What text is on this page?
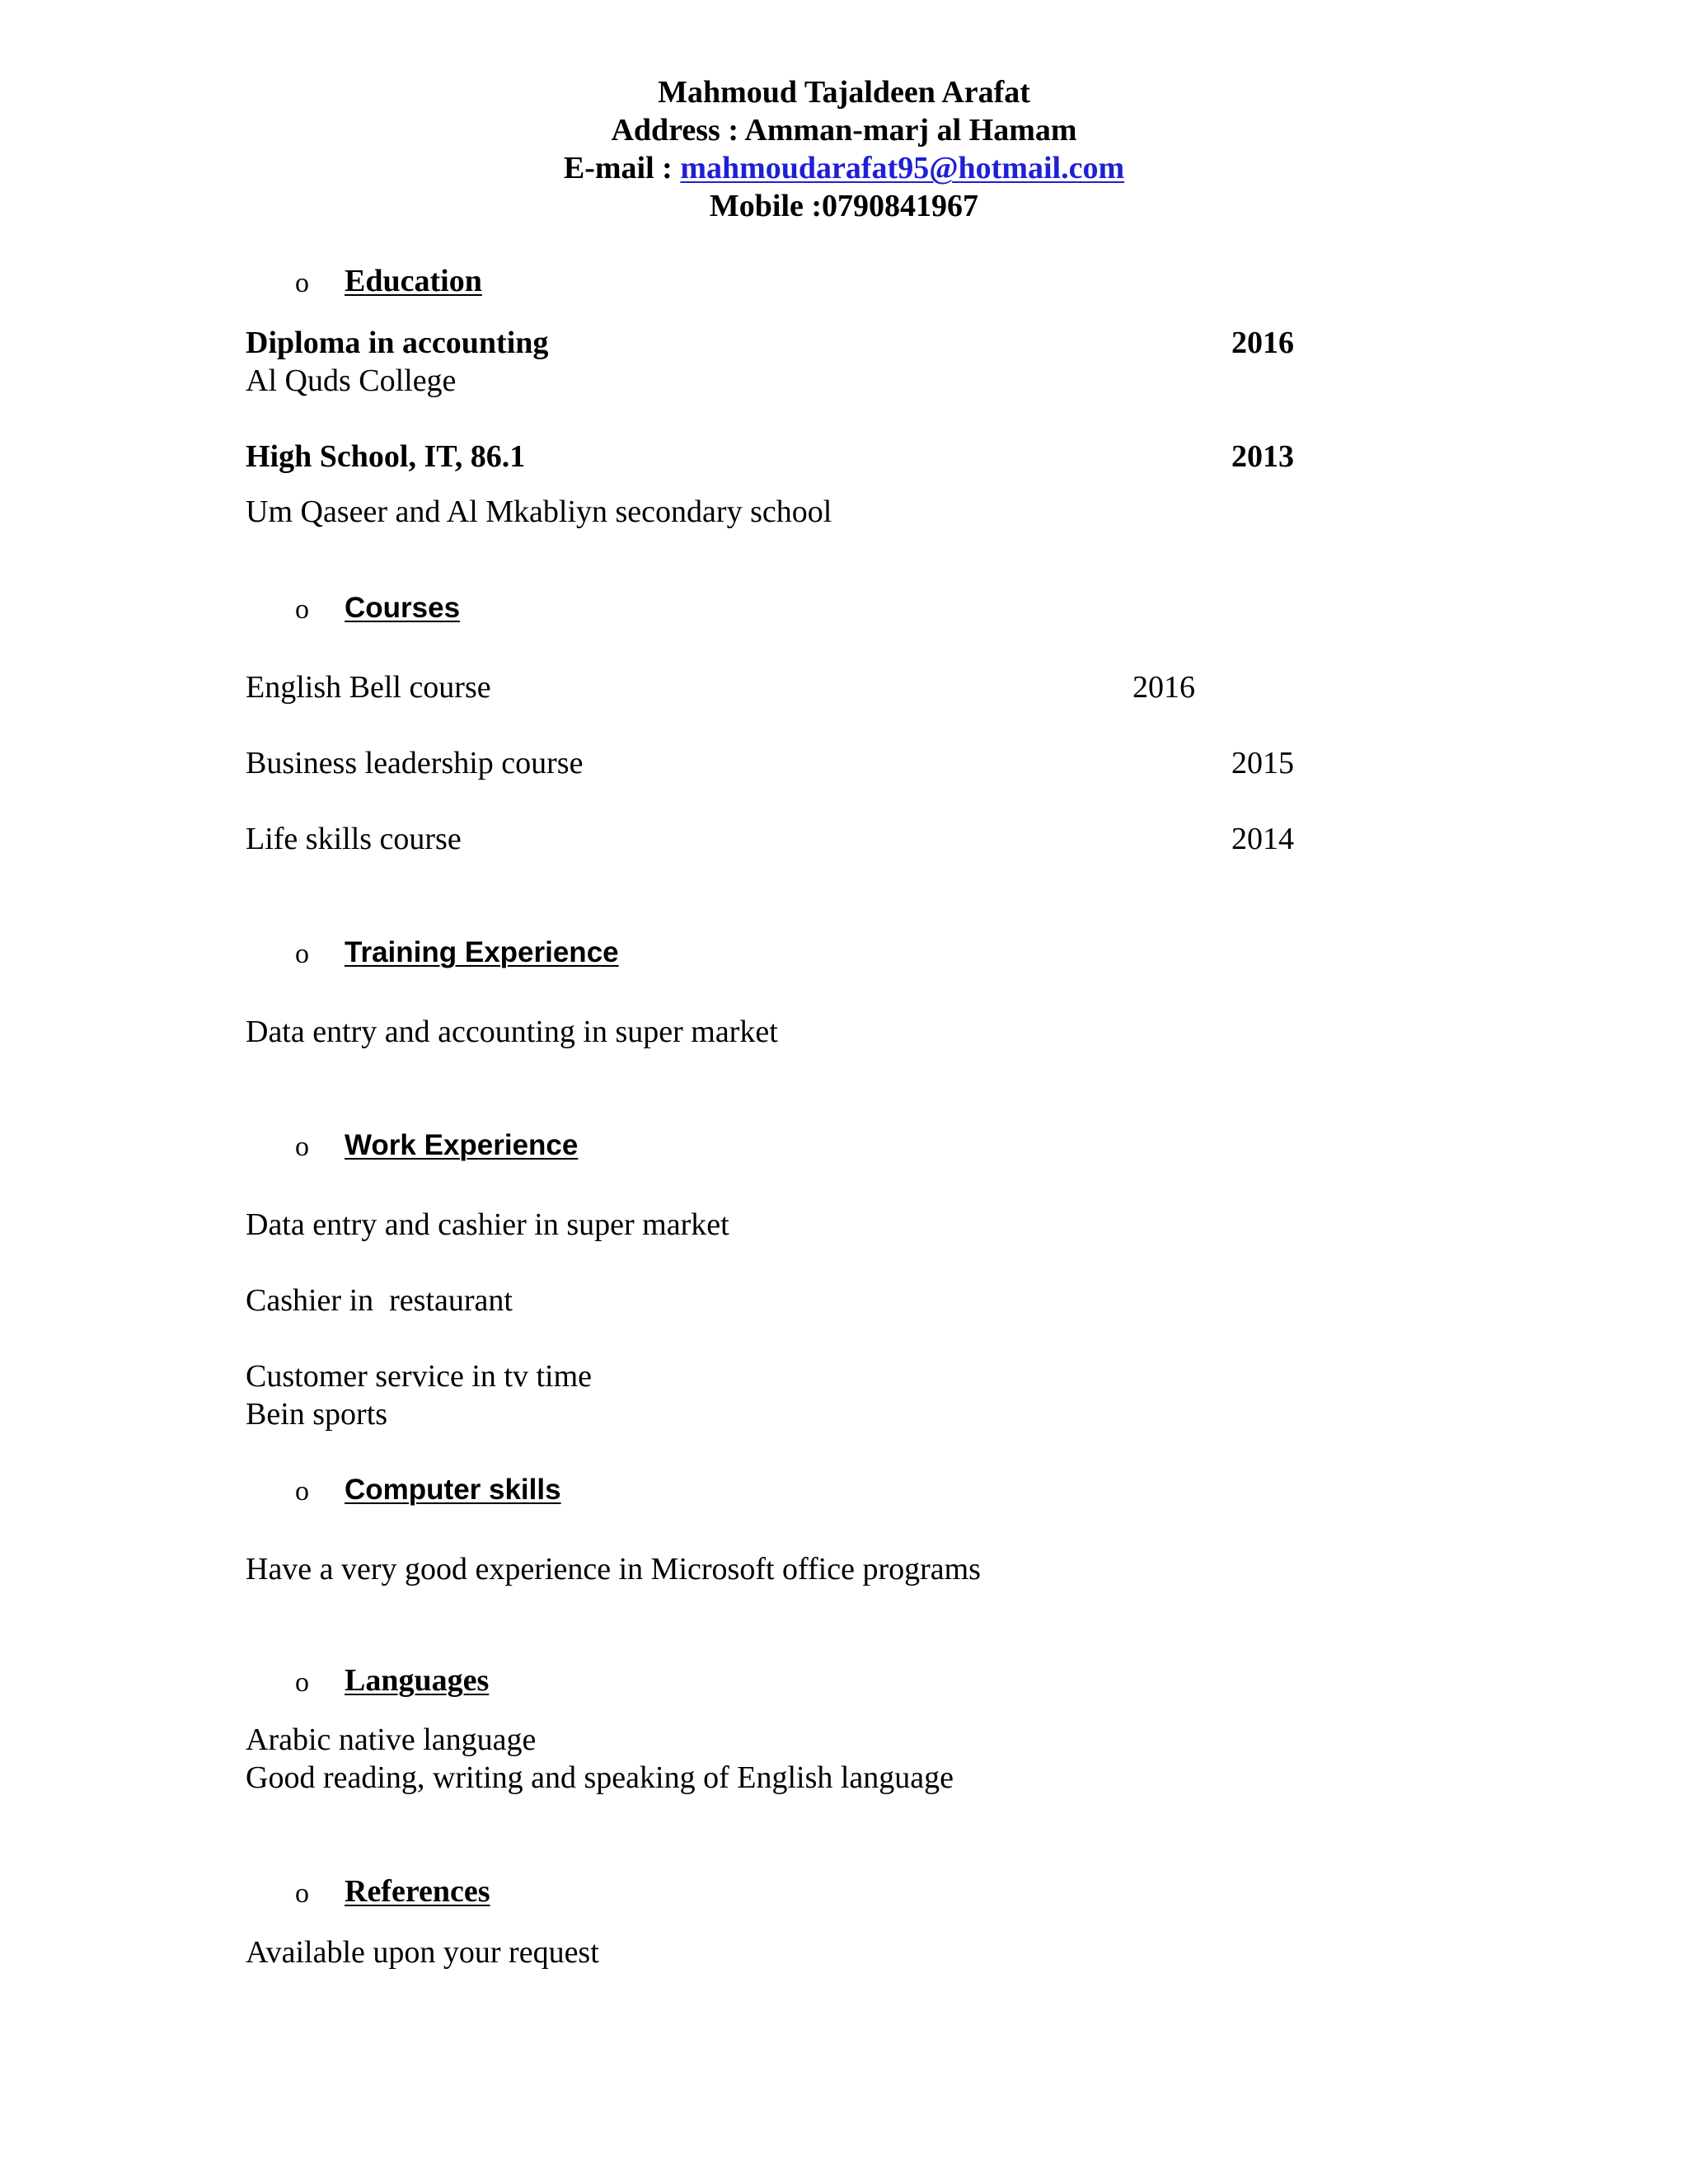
Mahmoud Tajaldeen Arafat
Address : Amman-marj al Hamam
E-mail : mahmoudarafat95@hotmail.com
Mobile :0790841967
o Education
Diploma in accounting	2016
Al Quds College
High School, IT, 86.1	2013
Um Qaseer and Al Mkabliyn secondary school
o Courses
English Bell course	2016
Business leadership course	2015
Life skills course	2014
o Training Experience
Data entry and accounting in super market
o Work Experience
Data entry and cashier in super market
Cashier in  restaurant
Customer service in tv time
Bein sports
o Computer skills
Have a very good experience in Microsoft office programs
o Languages
Arabic native language
Good reading, writing and speaking of English language
o References
Available upon your request
